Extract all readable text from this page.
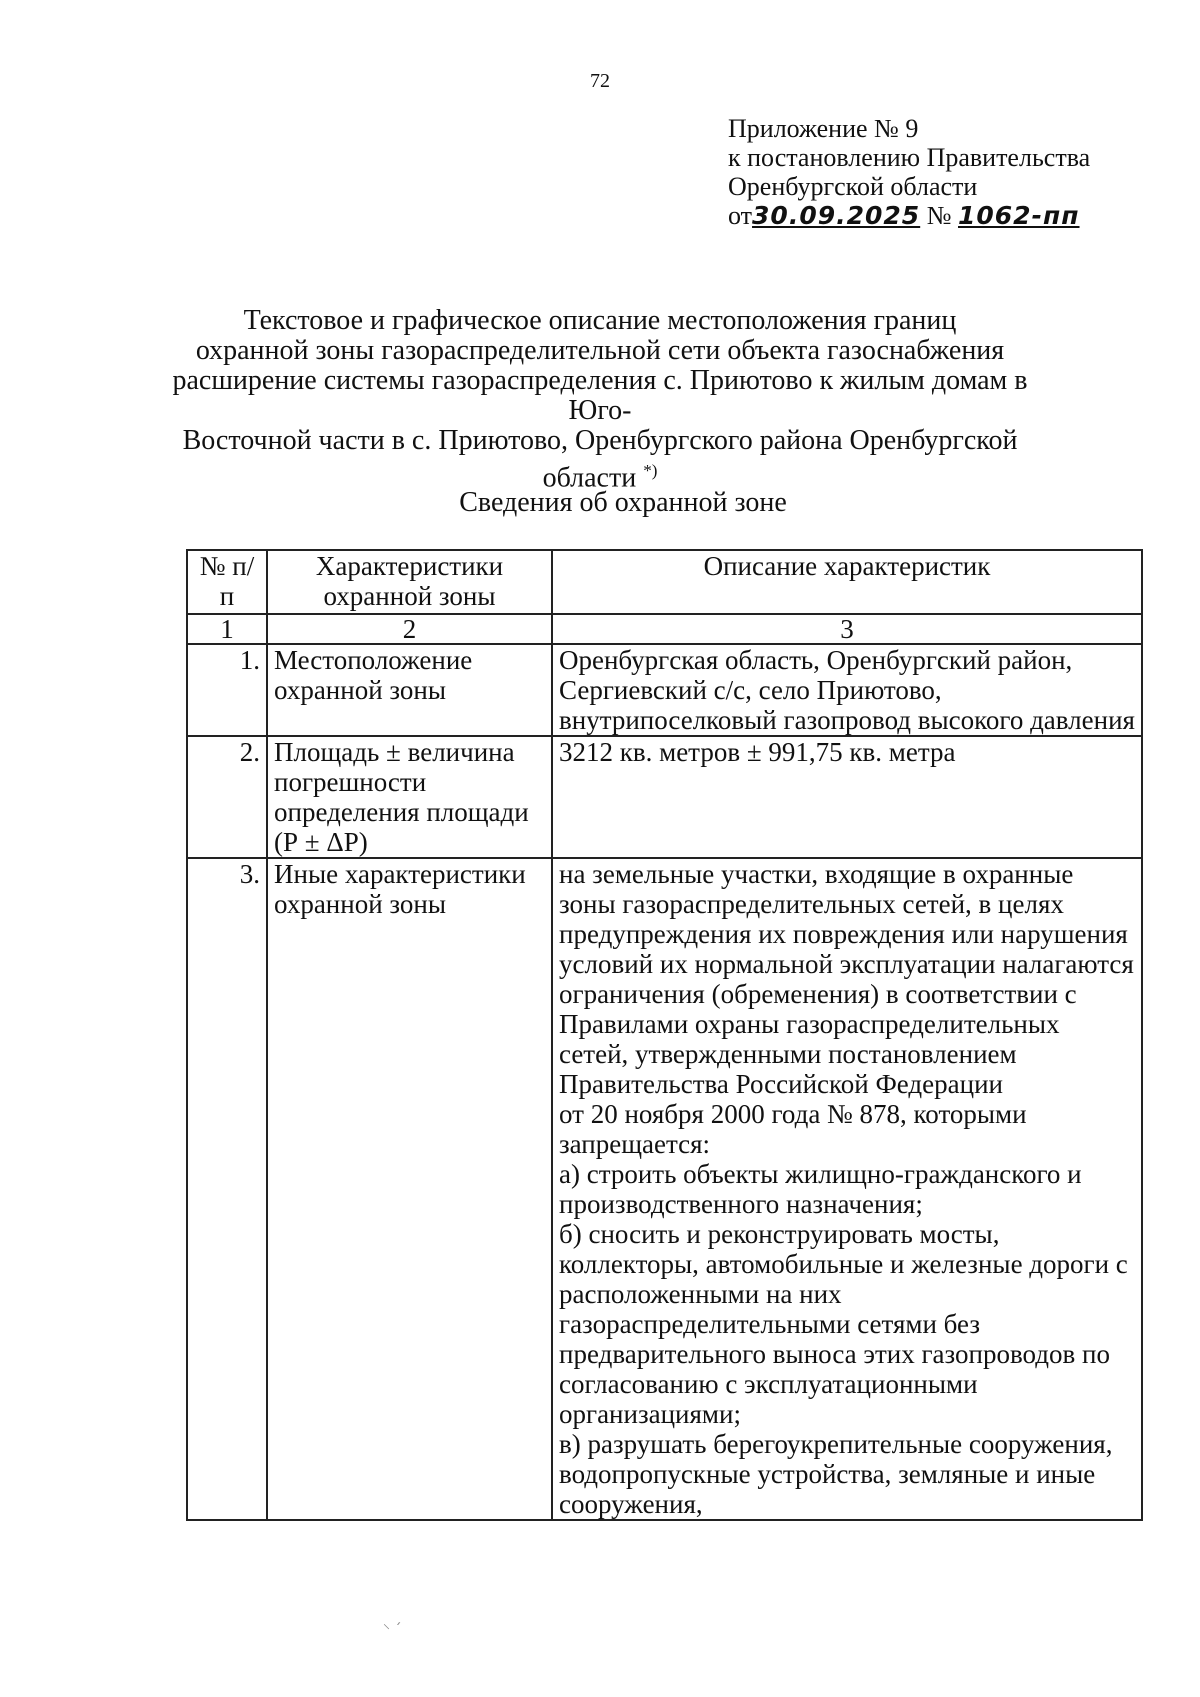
72
Приложение № 9
к постановлению Правительства
Оренбургской области
от30.09.2025 № 1062-пп
Текстовое и графическое описание местоположения границ
охранной зоны газораспределительной сети объекта газоснабжения
расширение системы газораспределения с. Приютово к жилым домам в Юго-
Восточной части в с. Приютово, Оренбургского района Оренбургской
области *)
Сведения об охранной зоне
№ п/п	Характеристики охранной зоны	Описание характеристик
1	2	3
1.	Местоположение охранной зоны	Оренбургская область, Оренбургский район, Сергиевский с/с, село Приютово, внутрипоселковый газопровод высокого давления
2.	Площадь ± величина погрешности определения площади (Р ± ΔР)	3212 кв. метров ± 991,75 кв. метра
3.	Иные характеристики охранной зоны	на земельные участки, входящие в охранные зоны газораспределительных сетей, в целях предупреждения их повреждения или нарушения условий их нормальной эксплуатации налагаются ограничения (обременения) в соответствии с Правилами охраны газораспределительных сетей, утвержденными постановлением Правительства Российской Федерации
от 20 ноября 2000 года № 878, которыми запрещается:
а) строить объекты жилищно-гражданского и производственного назначения;
б) сносить и реконструировать мосты, коллекторы, автомобильные и железные дороги с расположенными на них газораспределительными сетями без предварительного выноса этих газопроводов по согласованию с эксплуатационными организациями;
в) разрушать берегоукрепительные сооружения, водопропускные устройства, земляные и иные сооружения,
⸌ ˊ
